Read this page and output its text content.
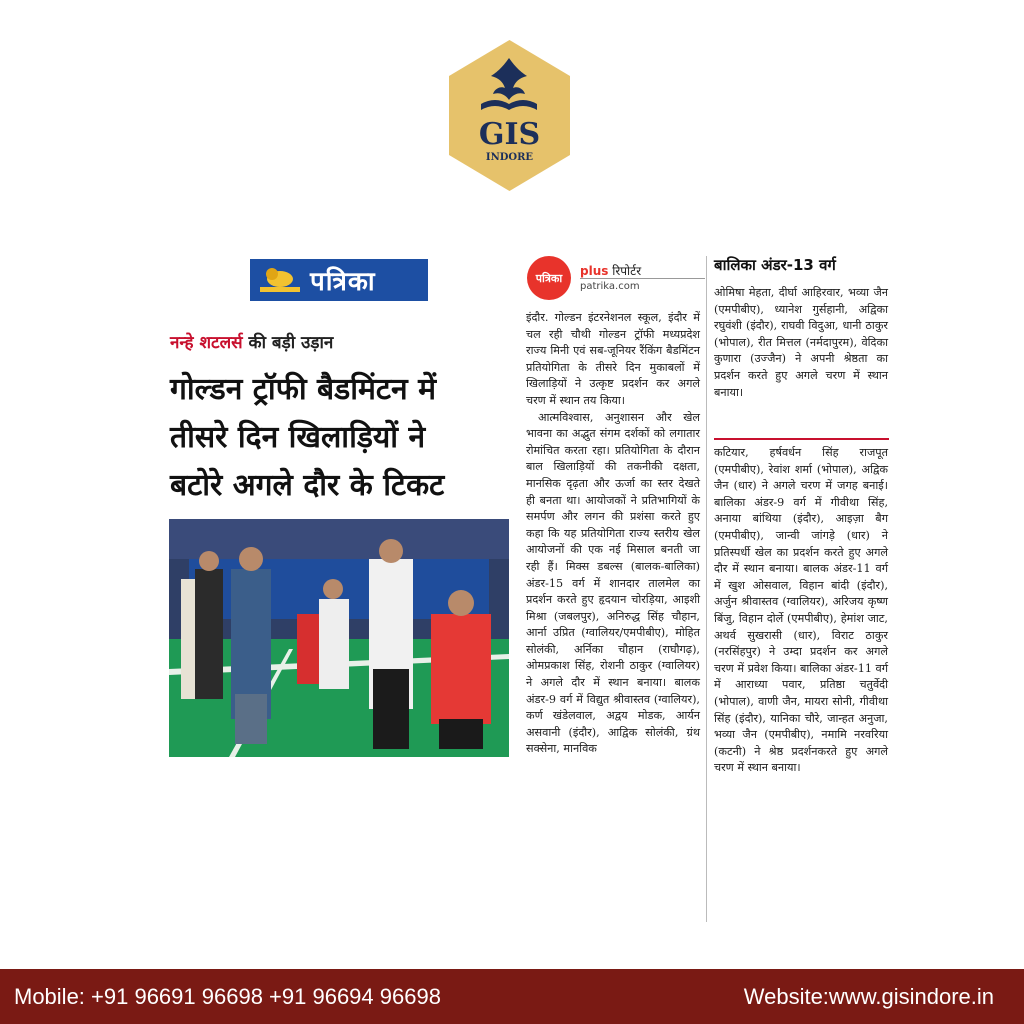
GIS
INDORE
पत्रिका
नन्हे शटलर्स की बड़ी उड़ान
गोल्डन ट्रॉफी बैडमिंटन में
तीसरे दिन खिलाड़ियों ने
बटोरे अगले दौर के टिकट
पत्रिका	plus रिपोर्टर
patrika.com

इंदौर. गोल्डन इंटरनेशनल स्कूल, इंदौर में चल रही चौथी गोल्डन ट्रॉफी मध्यप्रदेश राज्य मिनी एवं सब-जूनियर रैंकिंग बैडमिंटन प्रतियोगिता के तीसरे दिन मुकाबलों में खिलाड़ियों ने उत्कृष्ट प्रदर्शन कर अगले चरण में स्थान तय किया।

आत्मविश्वास, अनुशासन और खेल भावना का अद्भुत संगम दर्शकों को लगातार रोमांचित करता रहा। प्रतियोगिता के दौरान बाल खिलाड़ियों की तकनीकी दक्षता, मानसिक दृढ़ता और ऊर्जा का स्तर देखते ही बनता था। आयोजकों ने प्रतिभागियों के समर्पण और लगन की प्रशंसा करते हुए कहा कि यह प्रतियोगिता राज्य स्तरीय खेल आयोजनों की एक नई मिसाल बनती जा रही हैं। मिक्स डबल्स (बालक-बालिका) अंडर-15 वर्ग में शानदार तालमेल का प्रदर्शन करते हुए हृदयान चोरड़िया, आइशी मिश्रा (जबलपुर), अनिरुद्ध सिंह चौहान, आर्ना उप्रित (ग्वालियर/एमपीबीए), मोहित सोलंकी, अर्निका चौहान (राघौगढ़), ओमप्रकाश सिंह, रोशनी ठाकुर (ग्वालियर) ने अगले दौर में स्थान बनाया। बालक अंडर-9 वर्ग में विद्युत श्रीवास्तव (ग्वालियर), कर्ण खंडेलवाल, अद्वय मोडक, आर्यन असवानी (इंदौर), आद्विक सोलंकी, ग्रंथ सक्सेना, मानविक

बालिका अंडर-13 वर्ग

ओमिषा मेहता, दीर्घा आहिरवार, भव्या जैन (एमपीबीए), ध्यानेश गुर्सहानी, अद्विका रघुवंशी (इंदौर), राघवी विदुआ, धानी ठाकुर (भोपाल), रीत मित्तल (नर्मदापुरम), वेदिका कुणारा (उज्जैन) ने अपनी श्रेष्ठता का प्रदर्शन करते हुए अगले चरण में स्थान बनाया।

कटियार, हर्षवर्धन सिंह राजपूत (एमपीबीए), रेवांश शर्मा (भोपाल), अद्विक जैन (धार) ने अगले चरण में जगह बनाई। बालिका अंडर-9 वर्ग में गीवीथा सिंह, अनाया बांथिया (इंदौर), आइज़ा बैग (एमपीबीए), जान्वी जांगड़े (धार) ने प्रतिस्पर्धी खेल का प्रदर्शन करते हुए अगले दौर में स्थान बनाया। बालक अंडर-11 वर्ग में खुश ओसवाल, विहान बांदी (इंदौर), अर्जुन श्रीवास्तव (ग्वालियर), अरिजय कृष्ण बिंजु, विहान दोर्ले (एमपीबीए), हेमांश जाट, अथर्व सुखरासी (धार), विराट ठाकुर (नरसिंहपुर) ने उम्दा प्रदर्शन कर अगले चरण में प्रवेश किया। बालिका अंडर-11 वर्ग में आराध्या पवार, प्रतिष्ठा चतुर्वेदी (भोपाल), वाणी जैन, मायरा सोनी, गीवीथा सिंह (इंदौर), यानिका चौरे, जान्हत अनुजा, भव्या जैन (एमपीबीए), नमामि नरवरिया (कटनी) ने श्रेष्ठ प्रदर्शनकरते हुए अगले चरण में स्थान बनाया।

Mobile: +91 96691 96698 +91 96694 96698	Website:www.gisindore.in
